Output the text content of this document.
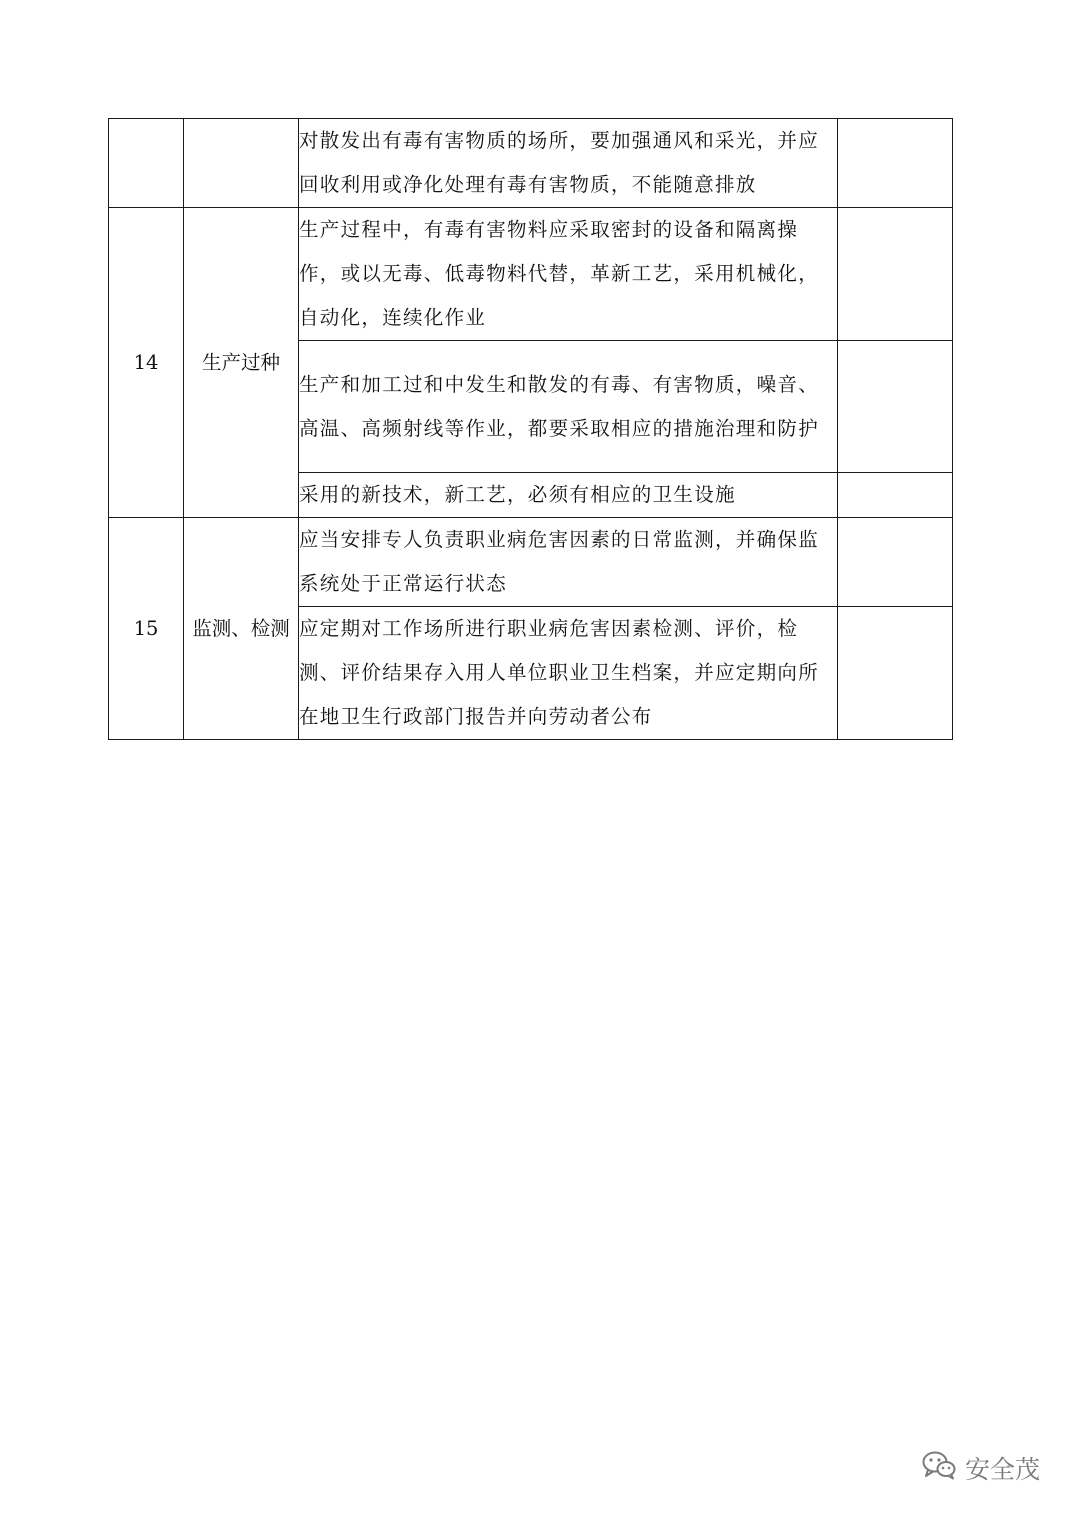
		对散发出有毒有害物质的场所，要加强通风和采光，并应回收利用或净化处理有毒有害物质，不能随意排放	
14	生产过种	生产过程中，有毒有害物料应采取密封的设备和隔离操作，或以无毒、低毒物料代替，革新工艺，采用机械化，自动化，连续化作业	
		生产和加工过和中发生和散发的有毒、有害物质，噪音、高温、高频射线等作业，都要采取相应的措施治理和防护	
		采用的新技术，新工艺，必须有相应的卫生设施	
15	监测、检测	应当安排专人负责职业病危害因素的日常监测，并确保监系统处于正常运行状态	
		应定期对工作场所进行职业病危害因素检测、评价，检测、评价结果存入用人单位职业卫生档案，并应定期向所在地卫生行政部门报告并向劳动者公布	
安全茂
